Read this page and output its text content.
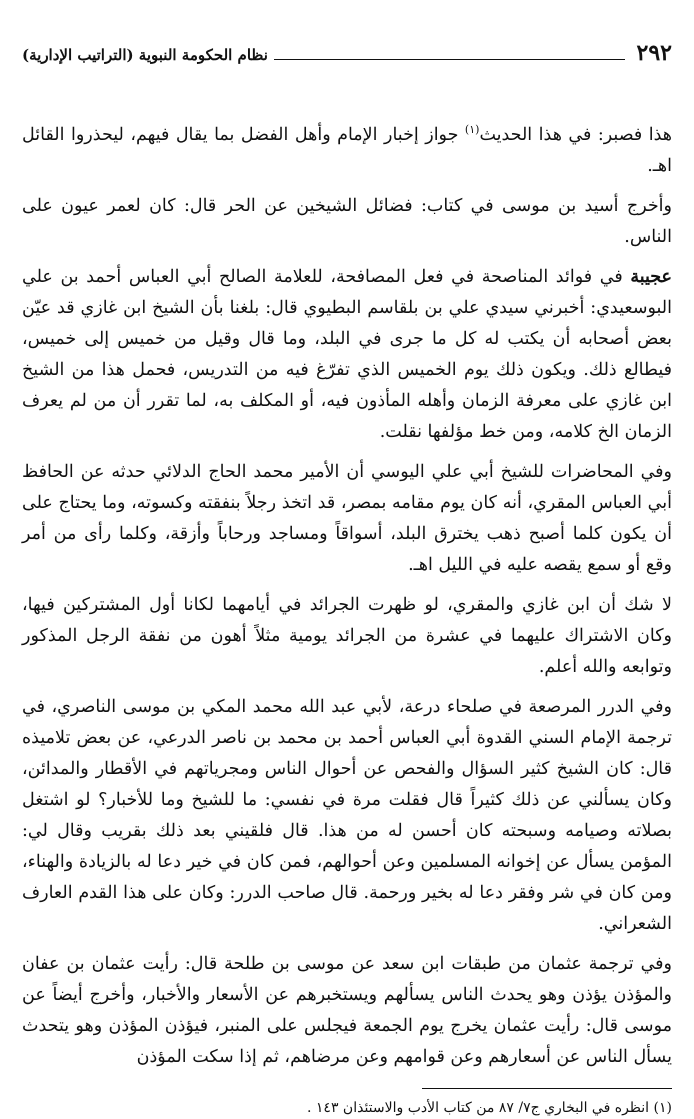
٢٩٢
نظام الحكومة النبوية (التراتيب الإدارية)

هذا فصبر: في هذا الحديث$^{(١)}$ جواز إخبار الإمام وأهل الفضل بما يقال فيهم، ليحذروا القائل اهـ.

وأخرج أسيد بن موسى في كتاب: فضائل الشيخين عن الحر قال: كان لعمر عيون على الناس.

عجيبة في فوائد المناصحة في فعل المصافحة، للعلامة الصالح أبي العباس أحمد بن علي البوسعيدي: أخبرني سيدي علي بن بلقاسم البطيوي قال: بلغنا بأن الشيخ ابن غازي قد عيّن بعض أصحابه أن يكتب له كل ما جرى في البلد، وما قال وقيل من خميس إلى خميس، فيطالع ذلك. ويكون ذلك يوم الخميس الذي تفرّغ فيه من التدريس، فحمل هذا من الشيخ ابن غازي على معرفة الزمان وأهله المأذون فيه، أو المكلف به، لما تقرر أن من لم يعرف الزمان الخ كلامه، ومن خط مؤلفها نقلت.

وفي المحاضرات للشيخ أبي علي اليوسي أن الأمير محمد الحاج الدلائي حدثه عن الحافظ أبي العباس المقري، أنه كان يوم مقامه بمصر، قد اتخذ رجلاً بنفقته وكسوته، وما يحتاج على أن يكون كلما أصبح ذهب يخترق البلد، أسواقاً ومساجد ورحاباً وأزقة، وكلما رأى من أمر وقع أو سمع يقصه عليه في الليل اهـ.

لا شك أن ابن غازي والمقري، لو ظهرت الجرائد في أيامهما لكانا أول المشتركين فيها، وكان الاشتراك عليهما في عشرة من الجرائد يومية مثلاً أهون من نفقة الرجل المذكور وتوابعه والله أعلم.

وفي الدرر المرصعة في صلحاء درعة، لأبي عبد الله محمد المكي بن موسى الناصري، في ترجمة الإمام السني القدوة أبي العباس أحمد بن محمد بن ناصر الدرعي، عن بعض تلاميذه قال: كان الشيخ كثير السؤال والفحص عن أحوال الناس ومجرياتهم في الأقطار والمدائن، وكان يسألني عن ذلك كثيراً قال فقلت مرة في نفسي: ما للشيخ وما للأخبار؟ لو اشتغل بصلاته وصيامه وسبحته كان أحسن له من هذا. قال فلقيني بعد ذلك بقريب وقال لي: المؤمن يسأل عن إخوانه المسلمين وعن أحوالهم، فمن كان في خير دعا له بالزيادة والهناء، ومن كان في شر وفقر دعا له بخير ورحمة. قال صاحب الدرر: وكان على هذا القدم العارف الشعراني.

وفي ترجمة عثمان من طبقات ابن سعد عن موسى بن طلحة قال: رأيت عثمان بن عفان والمؤذن يؤذن وهو يحدث الناس يسألهم ويستخبرهم عن الأسعار والأخبار، وأخرج أيضاً عن موسى قال: رأيت عثمان يخرج يوم الجمعة فيجلس على المنبر، فيؤذن المؤذن وهو يتحدث يسأل الناس عن أسعارهم وعن قوامهم وعن مرضاهم، ثم إذا سكت المؤذن

(١) انظره في البخاري ج٧/ ٨٧ من كتاب الأدب والاستئذان ١٤٣ .
